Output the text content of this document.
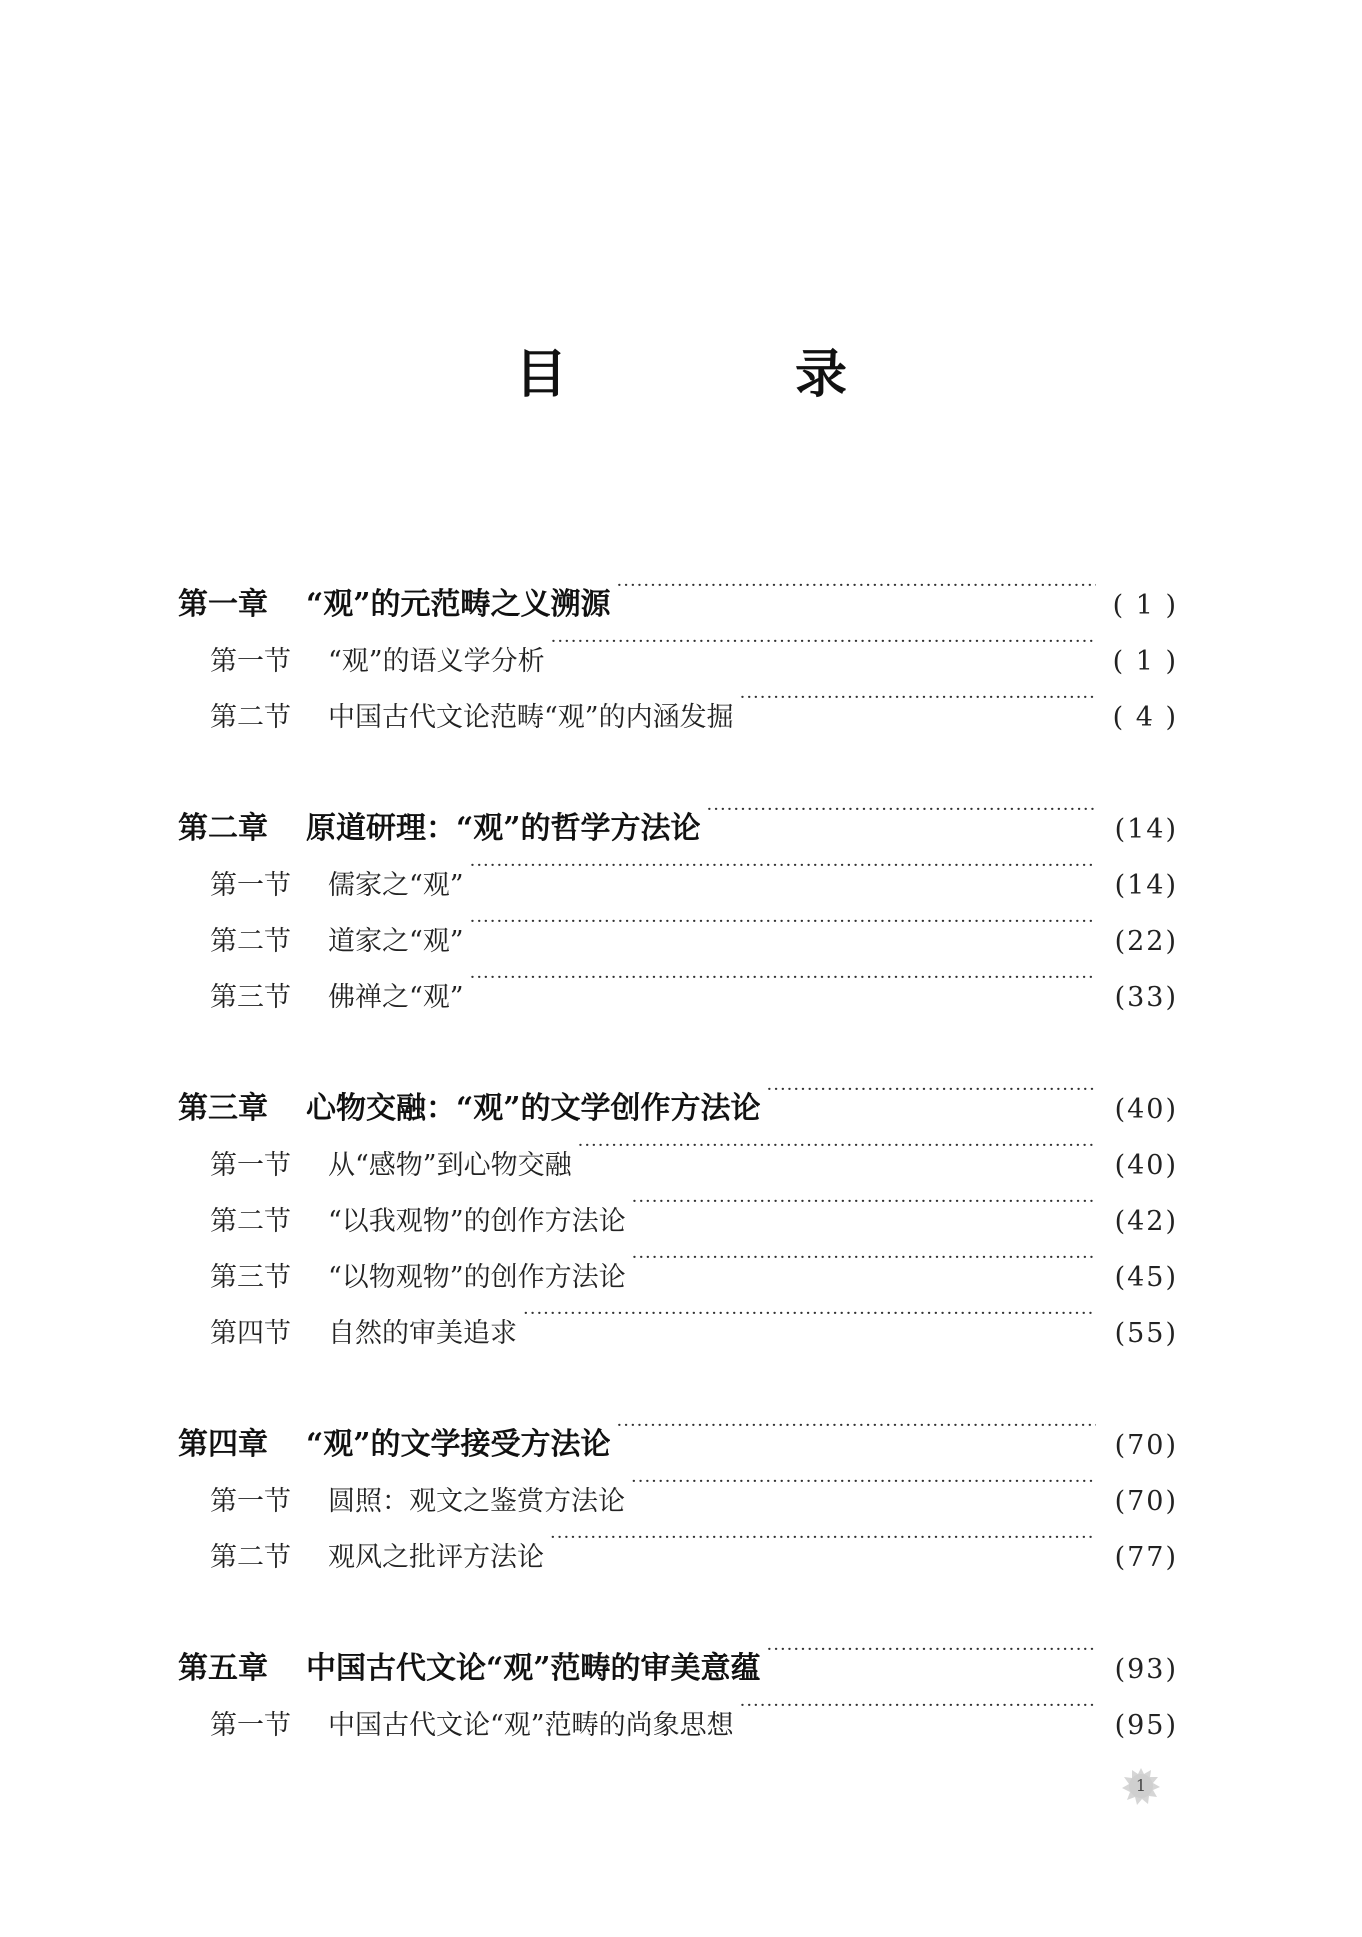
目　录
第一章	“观”的元范畴之义溯源 ·····	( 1 )
第一节	“观”的语义学分析 ·····	( 1 )
第二节	中国古代文论范畴“观”的内涵发掘 ·····	( 4 )
第二章	原道研理：“观”的哲学方法论 ·····	(14)
第一节	儒家之“观” ·····	(14)
第二节	道家之“观” ·····	(22)
第三节	佛禅之“观” ·····	(33)
第三章	心物交融：“观”的文学创作方法论 ·····	(40)
第一节	从“感物”到心物交融 ·····	(40)
第二节	“以我观物”的创作方法论 ·····	(42)
第三节	“以物观物”的创作方法论 ·····	(45)
第四节	自然的审美追求 ·····	(55)
第四章	“观”的文学接受方法论 ·····	(70)
第一节	圆照：观文之鉴赏方法论 ·····	(70)
第二节	观风之批评方法论 ·····	(77)
第五章	中国古代文论“观”范畴的审美意蕴 ·····	(93)
第一节	中国古代文论“观”范畴的尚象思想 ·····	(95)
1
